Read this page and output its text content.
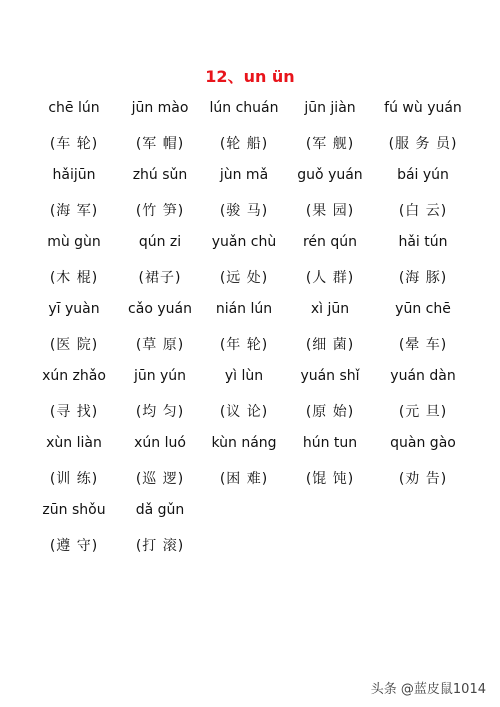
12、un ün
chē lún
(车 轮)
jūn mào
(军 帽)
lún chuán
(轮 船)
jūn jiàn
(军 舰)
fú wù yuán
(服 务 员)
hǎijūn
(海 军)
zhú sǔn
(竹 笋)
jùn mǎ
(骏 马)
guǒ yuán
(果 园)
bái yún
(白 云)
mù gùn
(木 棍)
qún zi
(裙子)
yuǎn chù
(远 处)
rén qún
(人 群)
hǎi tún
(海 豚)
yī yuàn
(医 院)
cǎo yuán
(草 原)
nián lún
(年 轮)
xì jūn
(细 菌)
yūn chē
(晕 车)
xún zhǎo
(寻 找)
jūn yún
(均 匀)
yì lùn
(议 论)
yuán shǐ
(原 始)
yuán dàn
(元 旦)
xùn liàn
(训 练)
xún luó
(巡 逻)
kùn náng
(困 难)
hún tun
(馄 饨)
quàn gào
(劝 告)
zūn shǒu
(遵 守)
dǎ gǔn
(打 滚)
头条 @蓝皮鼠1014
